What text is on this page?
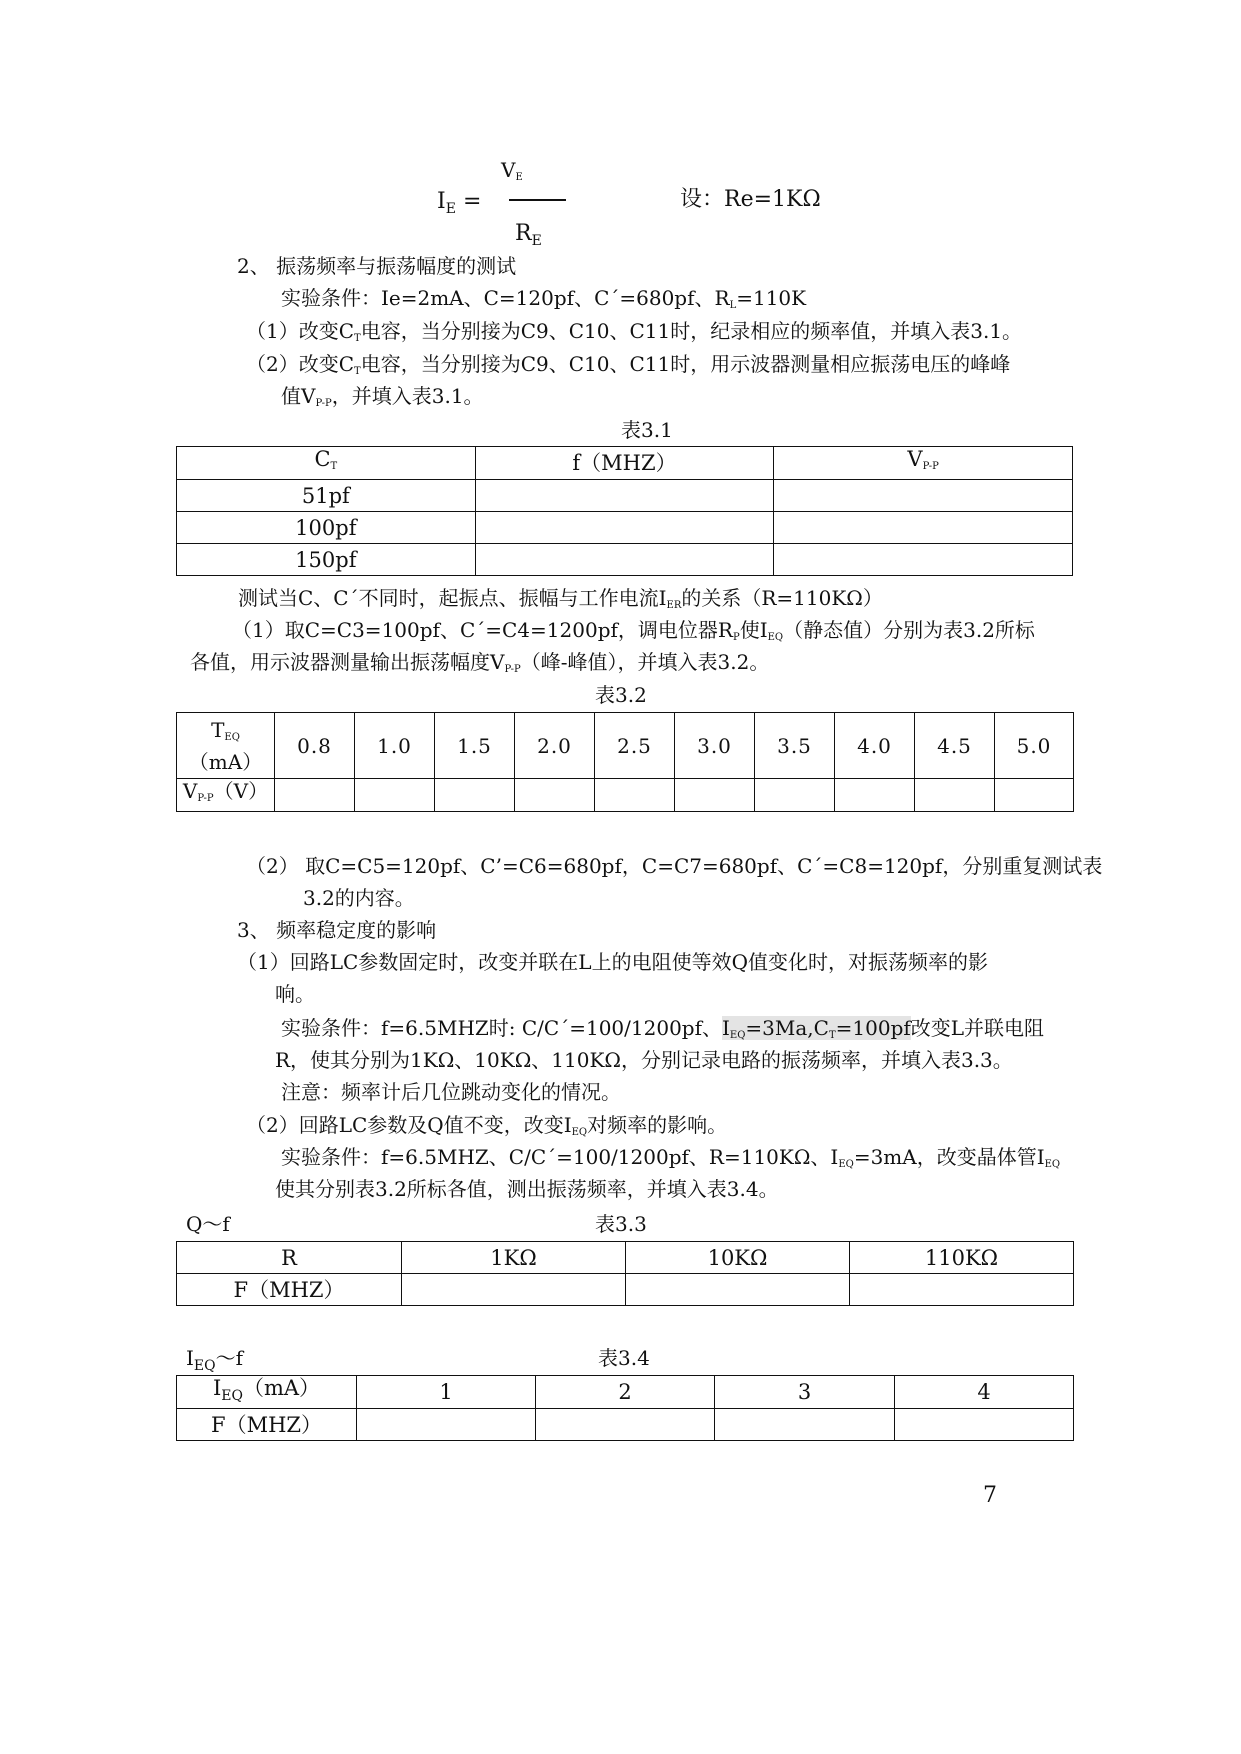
$I_E$ =
$V_E$
$R_E$
设：Re=1KΩ
2、 振荡频率与振荡幅度的测试
实验条件：Ie=2mA、C=120pf、C´=680pf、$R_L=110K$
（1）改变$C_T$电容，当分别接为C9、C10、C11时，纪录相应的频率值，并填入表3.1。
（2）改变$C_T$电容，当分别接为C9、C10、C11时，用示波器测量相应振荡电压的峰峰
值$V_{P-P}$，并填入表3.1。
表3.1
$C_T$	f（MHZ）	$V_{P-P}$
51pf		
100pf		
150pf		
测试当C、C´不同时，起振点、振幅与工作电流$I_{ER}$的关系（R=110KΩ）
（1）取C=C3=100pf、C´=C4=1200pf，调电位器$R_P$使$I_{EQ}$（静态值）分别为表3.2所标
各值，用示波器测量输出振荡幅度$V_{P-P}$（峰-峰值），并填入表3.2。
表3.2
$T_{EQ}$
（mA）	0.8	1.0	1.5	2.0	2.5	3.0	3.5	4.0	4.5	5.0
$V_{P-P}(V)$										
（2） 取C=C5=120pf、C’=C6=680pf，C=C7=680pf、C´=C8=120pf，分别重复测试表
3.2的内容。
3、 频率稳定度的影响
（1）回路LC参数固定时，改变并联在L上的电阻使等效Q值变化时，对振荡频率的影
响。
实验条件：f=6.5MHZ时: C/C´=100/1200pf、$I_{EQ}=3Ma,C_T=100pf$改变L并联电阻
R，使其分别为1KΩ、10KΩ、110KΩ，分别记录电路的振荡频率，并填入表3.3。
注意：频率计后几位跳动变化的情况。
（2）回路LC参数及Q值不变，改变$I_{EQ}$对频率的影响。
实验条件：f=6.5MHZ、C/C´=100/1200pf、R=110KΩ、$I_{EQ}=3mA$，改变晶体管$I_{EQ}$
使其分别表3.2所标各值，测出振荡频率，并填入表3.4。
Q～f	表3.3
R	1KΩ	10KΩ	110KΩ
F（MHZ）			
$I_{EQ}\sim f$	表3.4
$I_{EQ}(mA)$	1	2	3	4
F（MHZ）				
7
